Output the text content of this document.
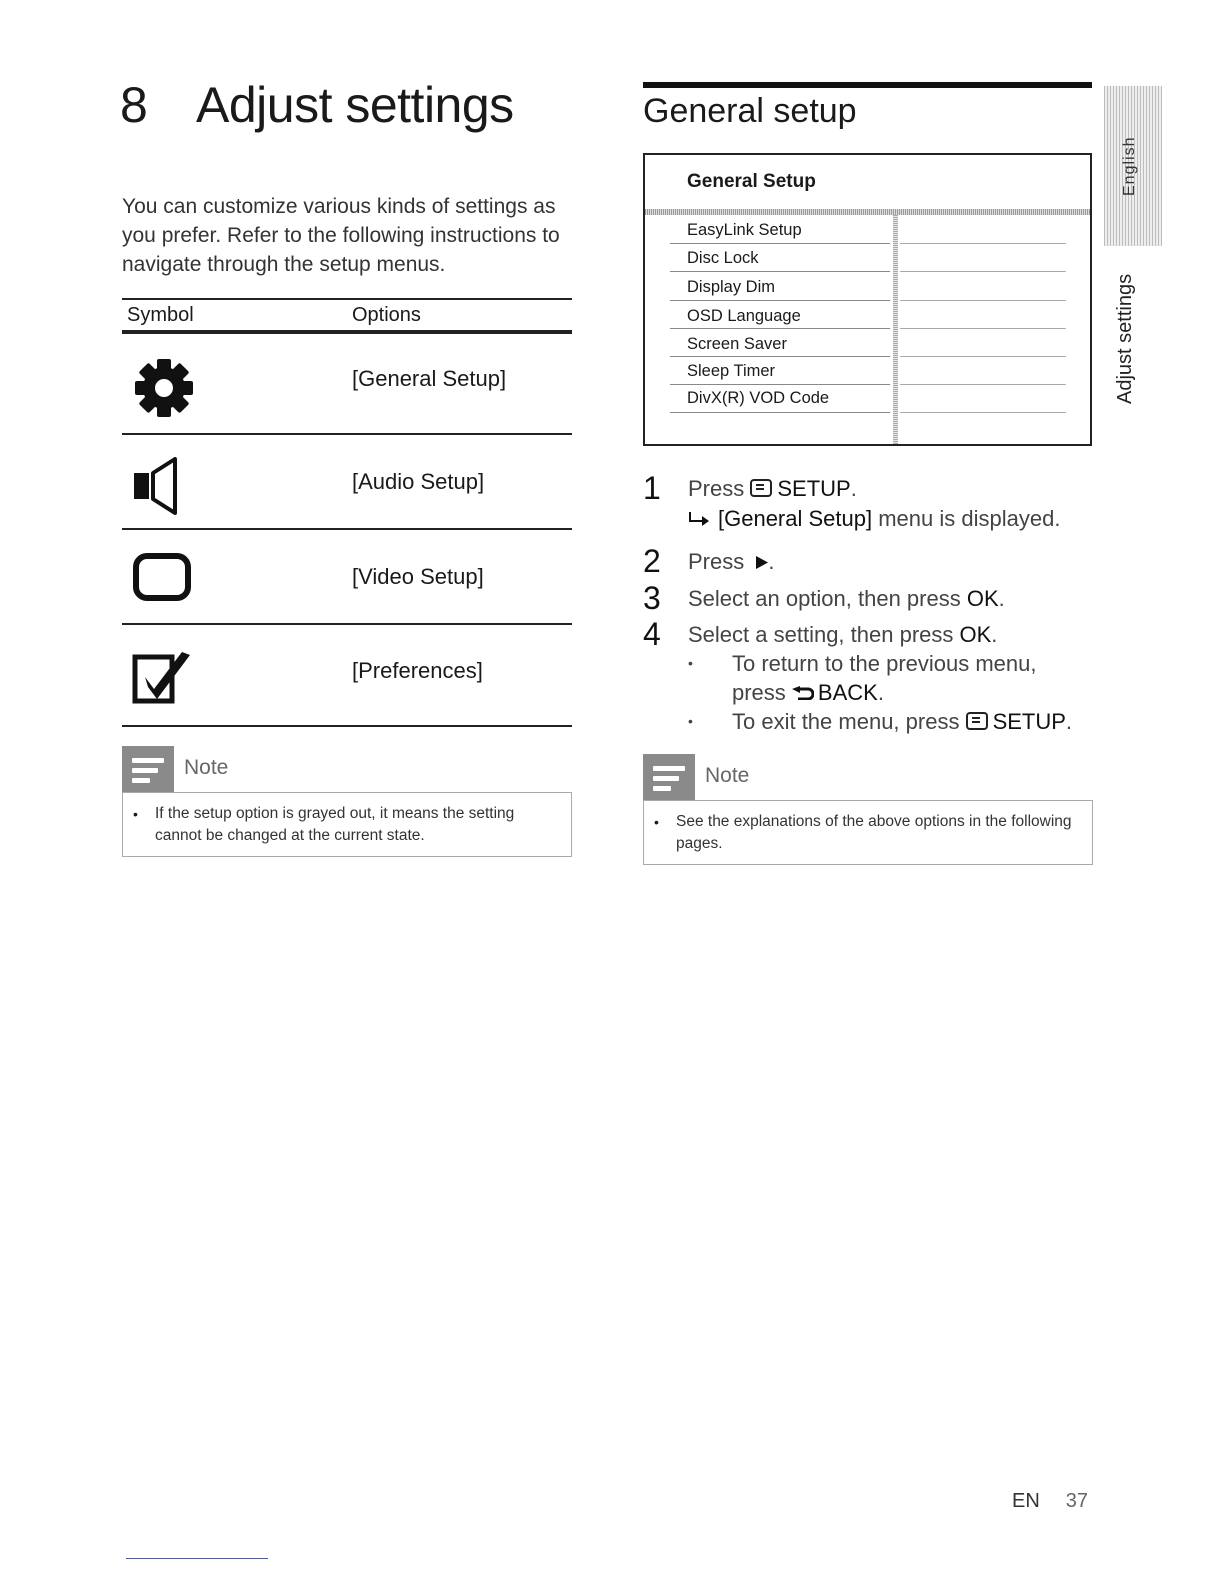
8 Adjust settings
You can customize various kinds of settings as you prefer. Refer to the following instructions to navigate through the setup menus.
Symbol	Options
[General Setup]
[Audio Setup]
[Video Setup]
[Preferences]
Note
• If the setup option is grayed out, it means the setting cannot be changed at the current state.
General setup
General Setup
EasyLink Setup
Disc Lock
Display Dim
OSD Language
Screen Saver
Sleep Timer
DivX(R) VOD Code
1 Press SETUP.
[General Setup] menu is displayed.
2 Press .
3 Select an option, then press OK.
4 Select a setting, then press OK.
• To return to the previous menu,
press BACK.
• To exit the menu, press SETUP.
Note
• See the explanations of the above options in the following pages.
English
Adjust settings
EN 37
